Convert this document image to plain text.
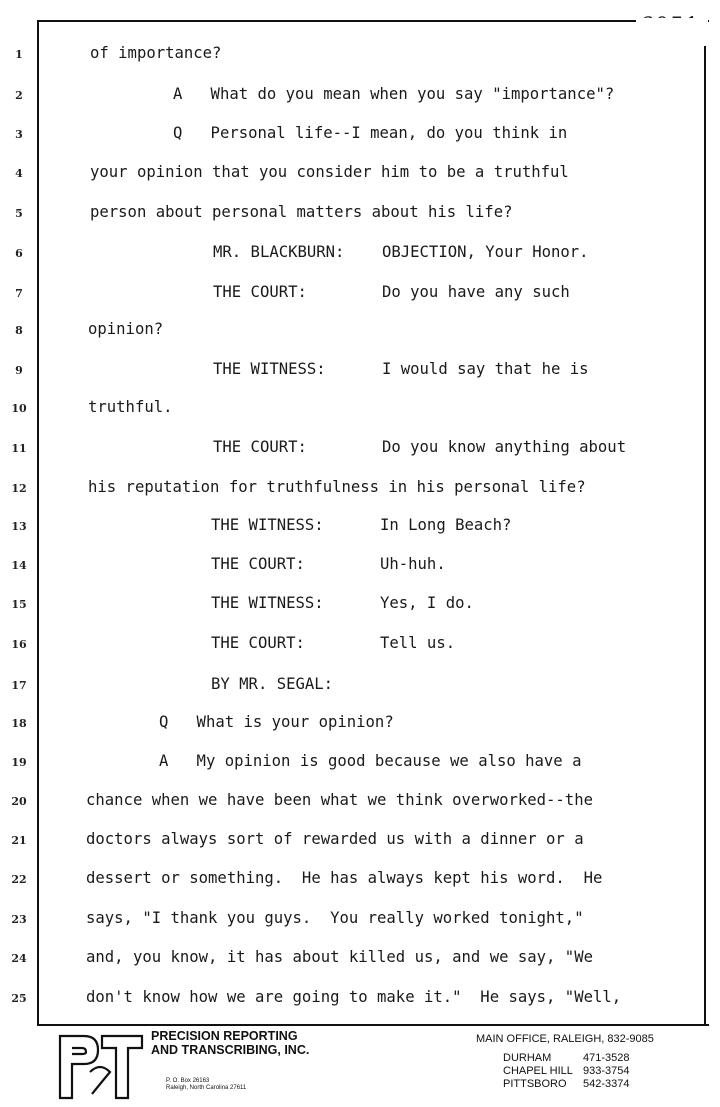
1	of importance?
2	A   What do you mean when you say "importance"?
3	Q   Personal life--I mean, do you think in
4	your opinion that you consider him to be a truthful
5	person about personal matters about his life?
6	MR. BLACKBURN:    OBJECTION, Your Honor.
7	THE COURT:        Do you have any such
8	opinion?
9	THE WITNESS:      I would say that he is
10	truthful.
11	THE COURT:        Do you know anything about
12	his reputation for truthfulness in his personal life?
13	THE WITNESS:      In Long Beach?
14	THE COURT:        Uh-huh.
15	THE WITNESS:      Yes, I do.
16	THE COURT:        Tell us.
17	BY MR. SEGAL:
18	Q   What is your opinion?
19	A   My opinion is good because we also have a
20	chance when we have been what we think overworked--the
21	doctors always sort of rewarded us with a dinner or a
22	dessert or something.  He has always kept his word.  He
23	says, "I thank you guys.  You really worked tonight,"
24	and, you know, it has about killed us, and we say, "We
25	don't know how we are going to make it."  He says, "Well,
PRECISION REPORTING
AND TRANSCRIBING, INC.
P. O. Box 26163
Raleigh, North Carolina 27611
MAIN OFFICE, RALEIGH, 832-9085
DURHAM	471-3528
CHAPEL HILL 933-3754
PITTSBORO	542-3374
